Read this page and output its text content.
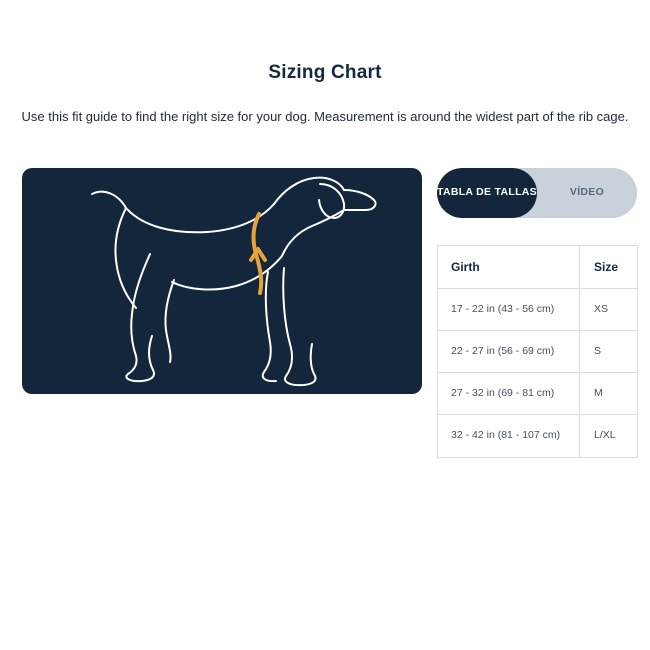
Sizing Chart

Use this fit guide to find the right size for your dog. Measurement is around the widest part of the rib cage.

TABLA DE TALLAS	VÍDEO
Girth	Size
17 - 22 in (43 - 56 cm)	XS
22 - 27 in (56 - 69 cm)	S
27 - 32 in (69 - 81 cm)	M
32 - 42 in (81 - 107 cm)	L/XL
